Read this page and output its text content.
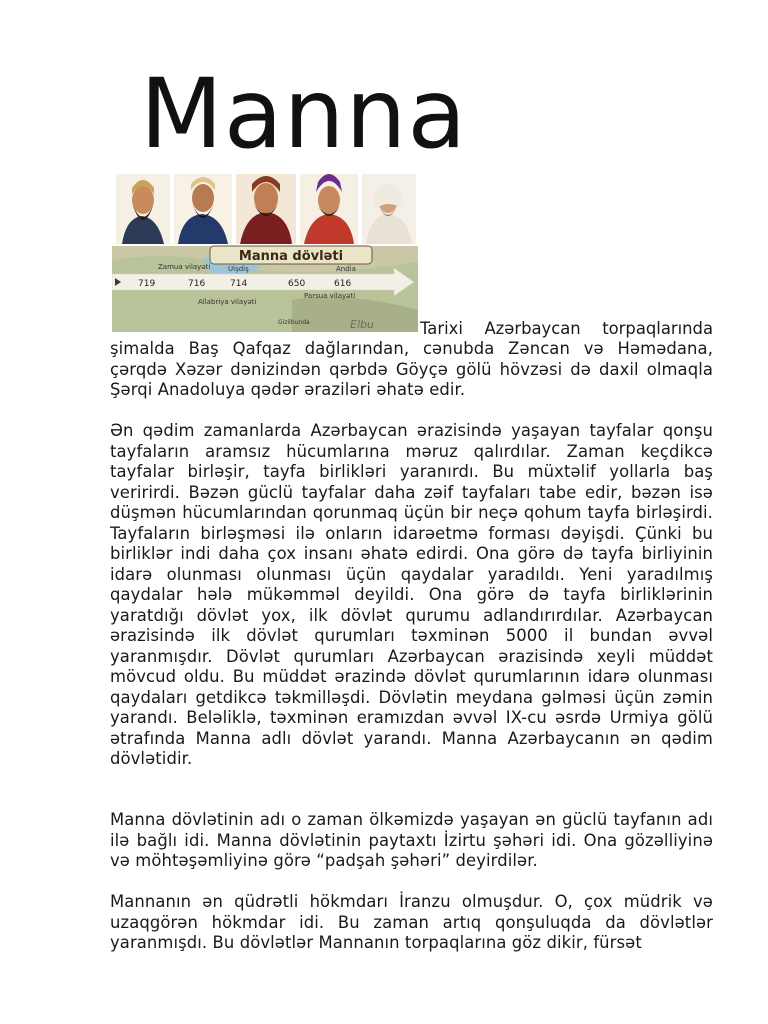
Manna
Manna dövləti
Zamua vilayəti	Uişdiş	Andia
Allabriya vilayəti
Parsua vilayəti
Gizilbunda	Elbu
719	716	714	650	616

Tarixi Azərbaycan torpaqlarında

şimalda Baş Qafqaz dağlarından, cənubda Zəncan və Həmədana, çərqdə Xəzər dənizindən qərbdə Göyçə gölü hövzəsi də daxil olmaqla Şərqi Anadoluya qədər əraziləri əhatə edir.

Ən qədim zamanlarda Azərbaycan ərazisində yaşayan tayfalar qonşu tayfaların aramsız hücumlarına məruz qalırdılar. Zaman keçdikcə tayfalar birləşir, tayfa birlikləri yaranırdı. Bu müxtəlif yollarla baş veririrdi. Bəzən güclü tayfalar daha zəif tayfaları tabe edir, bəzən isə düşmən hücumlarından qorunmaq üçün bir neçə qohum tayfa birləşirdi. Tayfaların birləşməsi ilə onların idarəetmə forması dəyişdi. Çünki bu birliklər indi daha çox insanı əhatə edirdi. Ona görə də tayfa birliyinin idarə olunması olunması üçün qaydalar yaradıldı. Yeni yaradılmış qaydalar hələ mükəmməl deyildi. Ona görə də tayfa birliklərinin yaratdığı dövlət yox, ilk dövlət qurumu adlandırırdılar. Azərbaycan ərazisində ilk dövlət qurumları təxminən 5000 il bundan əvvəl yaranmışdır. Dövlət qurumları Azərbaycan ərazisində xeyli müddət mövcud oldu. Bu müddət ərazində dövlət qurumlarının idarə olunması qaydaları getdikcə təkmilləşdi. Dövlətin meydana gəlməsi üçün zəmin yarandı. Beləliklə, təxminən eramızdan əvvəl IX-cu əsrdə Urmiya gölü ətrafında Manna adlı dövlət yarandı. Manna Azərbaycanın ən qədim dövlətidir.

Manna dövlətinin adı o zaman ölkəmizdə yaşayan ən güclü tayfanın adı ilə bağlı idi. Manna dövlətinin paytaxtı İzirtu şəhəri idi. Ona gözəlliyinə və möhtəşəmliyinə görə “padşah şəhəri” deyirdilər.

Mannanın ən qüdrətli hökmdarı İranzu olmuşdur. O, çox müdrik və uzaqgörən hökmdar idi. Bu zaman artıq qonşuluqda da dövlətlər yaranmışdı. Bu dövlətlər Mannanın torpaqlarına göz dikir, fürsət
